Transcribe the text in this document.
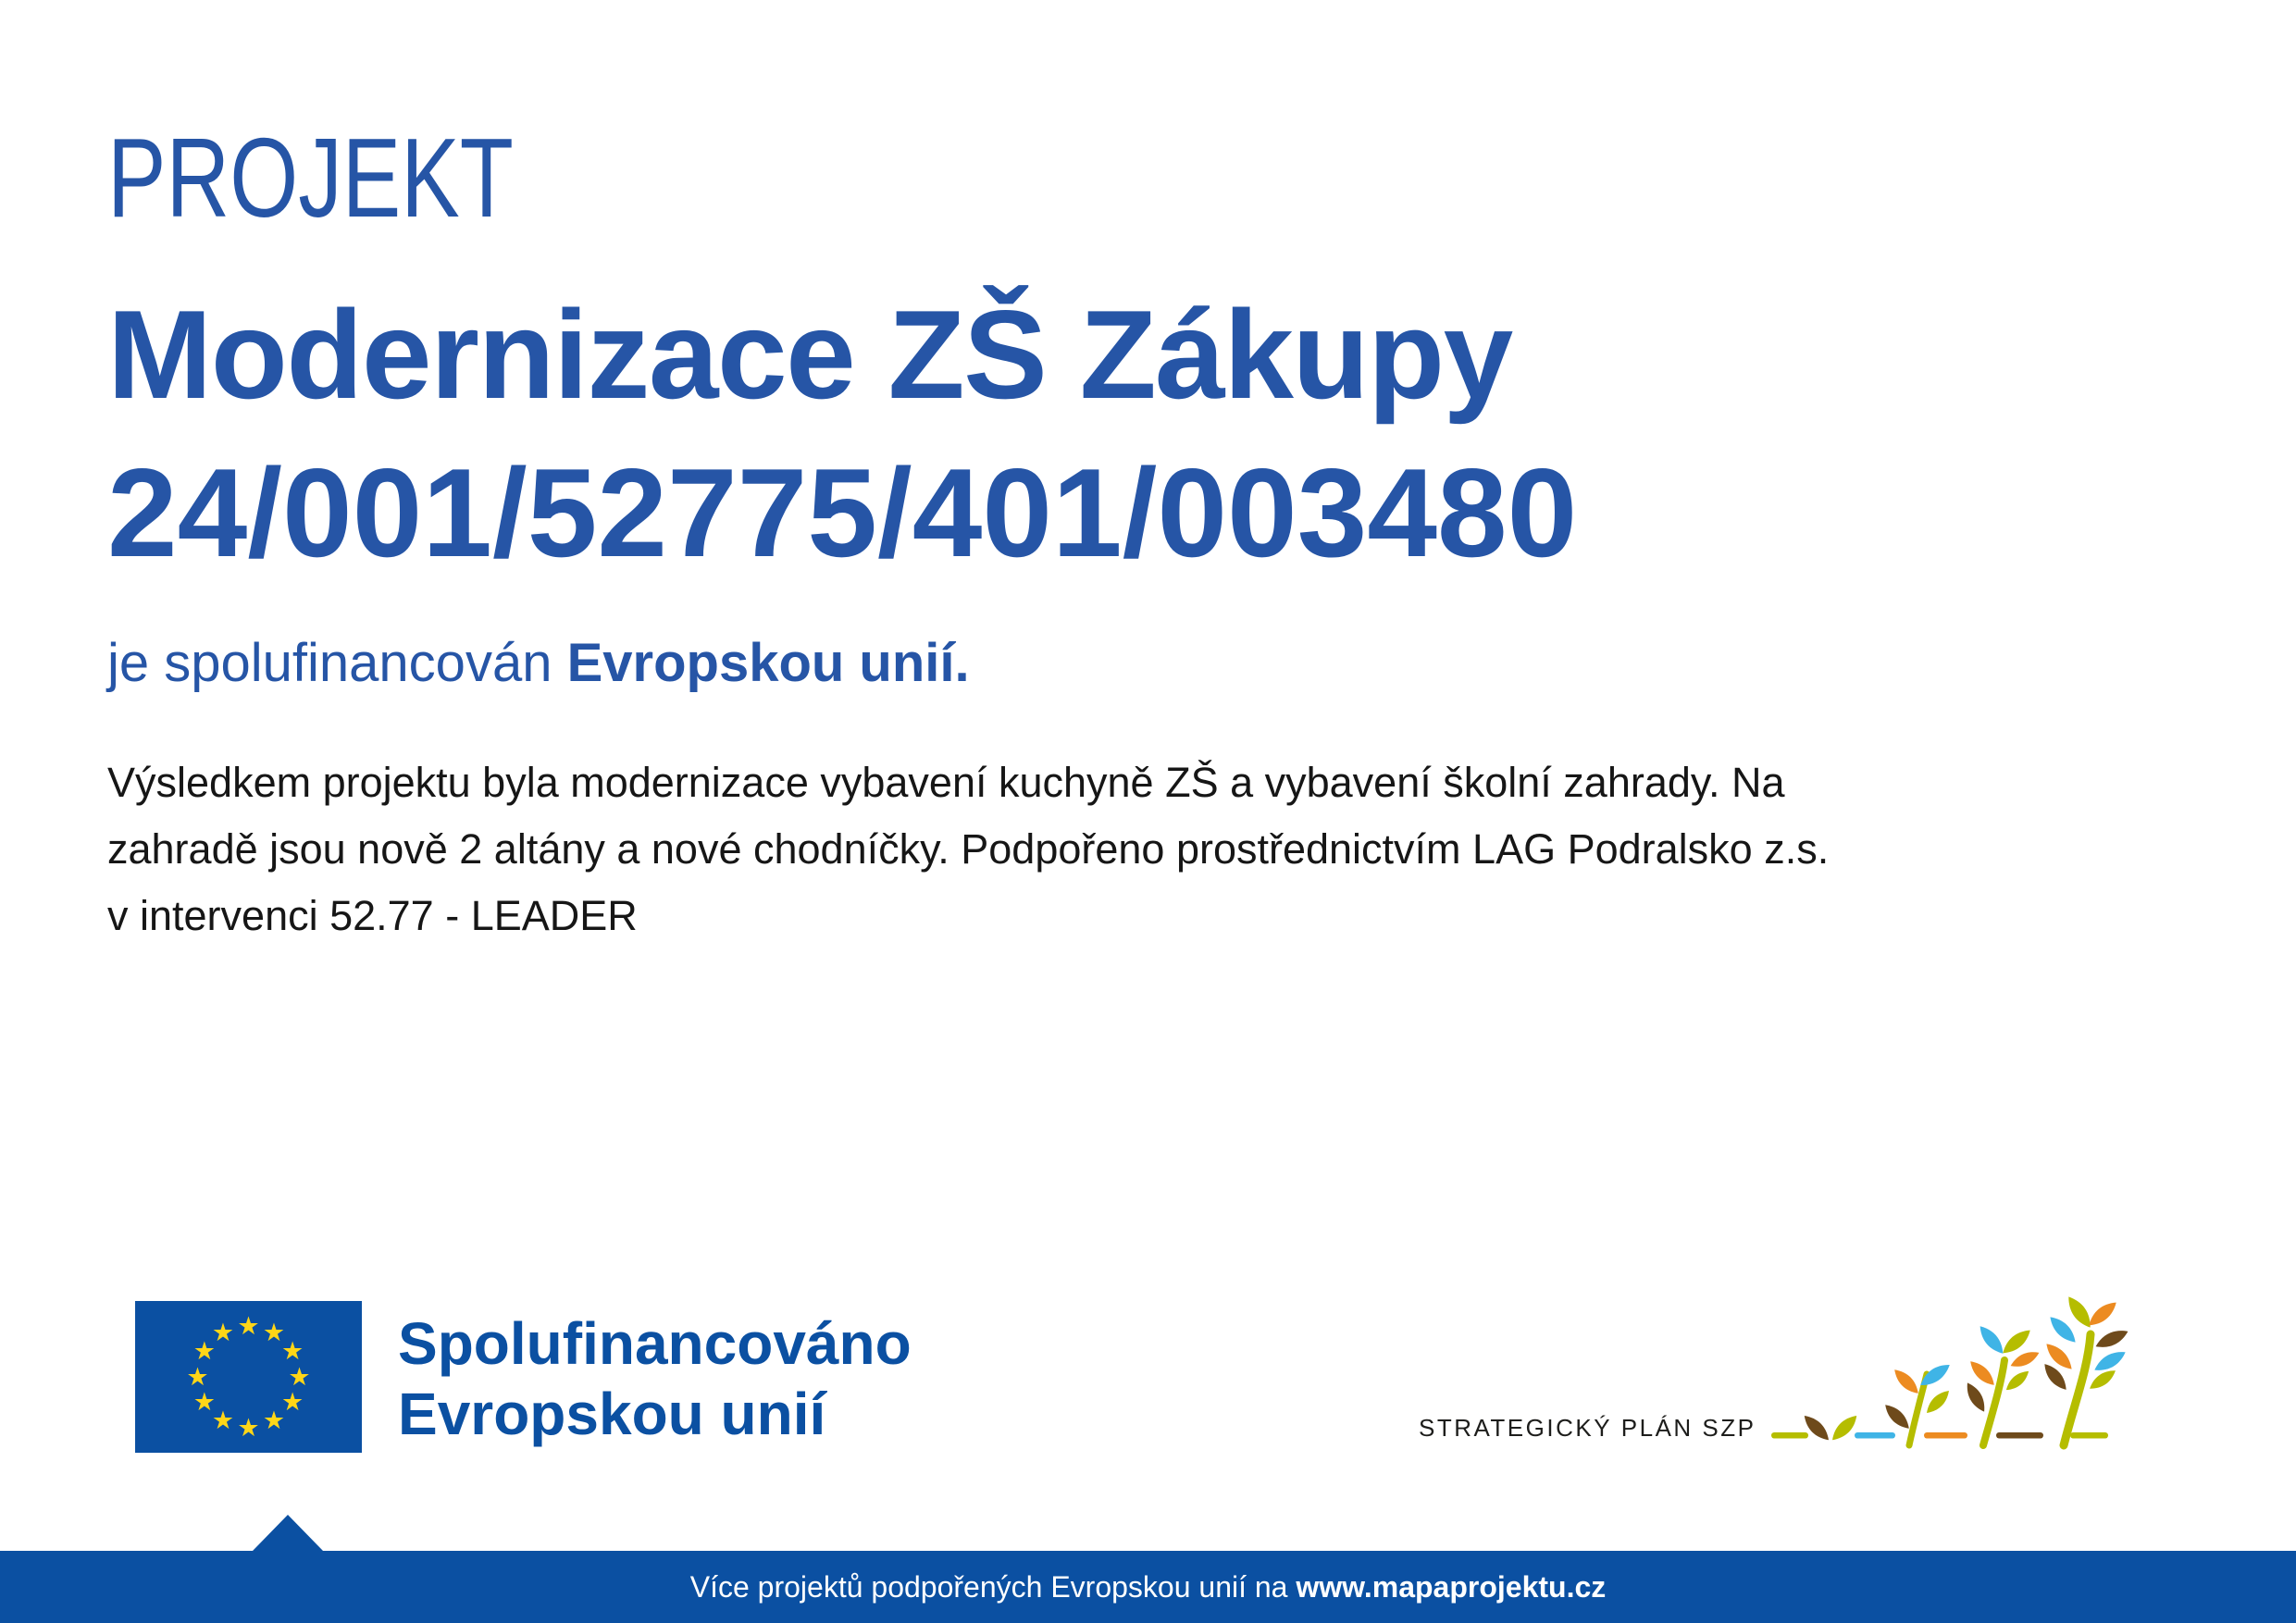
PROJEKT
Modernizace ZŠ Zákupy
24/001/52775/401/003480
je spolufinancován Evropskou unií.
Výsledkem projektu byla modernizace vybavení kuchyně ZŠ a vybavení školní zahrady. Na
zahradě jsou nově 2 altány a nové chodníčky. Podpořeno prostřednictvím LAG Podralsko z.s.
v intervenci 52.77 - LEADER
★ ★
★
★
★
★
★
★
★
★
★
★	Spolufinancováno
Evropskou unií	STRATEGICKÝ PLÁN SZP
Více projektů podpořených Evropskou unií na www.mapaprojektu.cz
